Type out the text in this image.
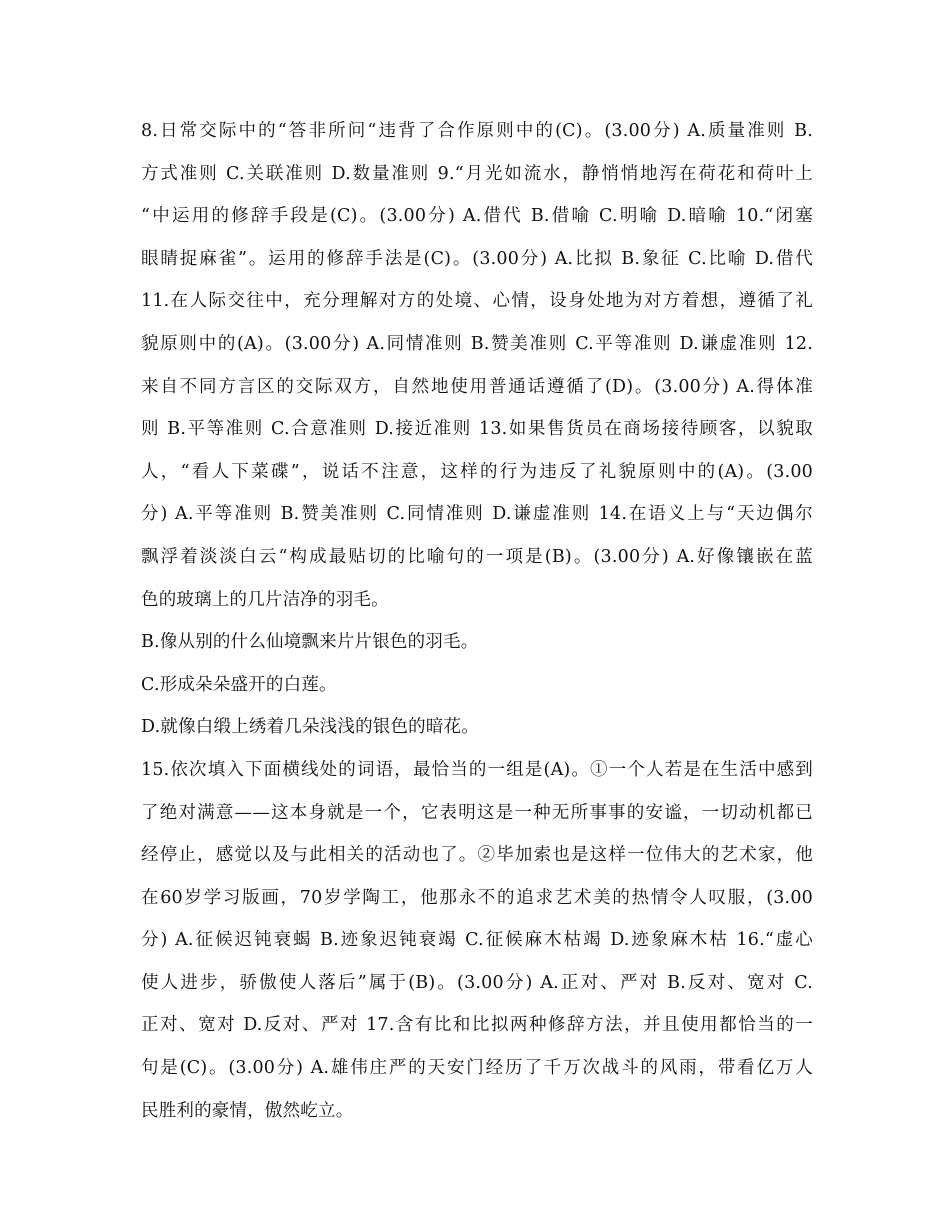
8.日常交际中的“答非所问“违背了合作原则中的(C)。(3.00分) A.质量准则 B.
方式准则 C.关联准则 D.数量准则 9.“月光如流水，静悄悄地泻在荷花和荷叶上
“中运用的修辞手段是(C)。(3.00分) A.借代 B.借喻 C.明喻 D.暗喻 10.“闭塞
眼睛捉麻雀”。运用的修辞手法是(C)。(3.00分) A.比拟 B.象征 C.比喻 D.借代
11.在人际交往中，充分理解对方的处境、心情，设身处地为对方着想，遵循了礼
貌原则中的(A)。(3.00分) A.同情准则 B.赞美准则 C.平等准则 D.谦虚准则 12.
来自不同方言区的交际双方，自然地使用普通话遵循了(D)。(3.00分) A.得体准
则 B.平等准则 C.合意准则 D.接近准则 13.如果售货员在商场接待顾客，以貌取
人，“看人下菜碟”，说话不注意，这样的行为违反了礼貌原则中的(A)。(3.00
分) A.平等准则 B.赞美准则 C.同情准则 D.谦虚准则 14.在语义上与“天边偶尔
飘浮着淡淡白云“构成最贴切的比喻句的一项是(B)。(3.00分) A.好像镶嵌在蓝
色的玻璃上的几片洁净的羽毛。
B.像从别的什么仙境飘来片片银色的羽毛。
C.形成朵朵盛开的白莲。
D.就像白缎上绣着几朵浅浅的银色的暗花。
15.依次填入下面横线处的词语，最恰当的一组是(A)。①一个人若是在生活中感到
了绝对满意——这本身就是一个，它表明这是一种无所事事的安谧，一切动机都已
经停止，感觉以及与此相关的活动也了。②毕加索也是这样一位伟大的艺术家，他
在60岁学习版画，70岁学陶工，他那永不的追求艺术美的热情令人叹服，(3.00
分) A.征候迟钝衰蝎 B.迹象迟钝衰竭 C.征候麻木枯竭 D.迹象麻木枯 16.“虚心
使人进步，骄傲使人落后”属于(B)。(3.00分) A.正对、严对 B.反对、宽对 C.
正对、宽对 D.反对、严对 17.含有比和比拟两种修辞方法，并且使用都恰当的一
句是(C)。(3.00分) A.雄伟庄严的天安门经历了千万次战斗的风雨，带看亿万人
民胜利的豪情，傲然屹立。
